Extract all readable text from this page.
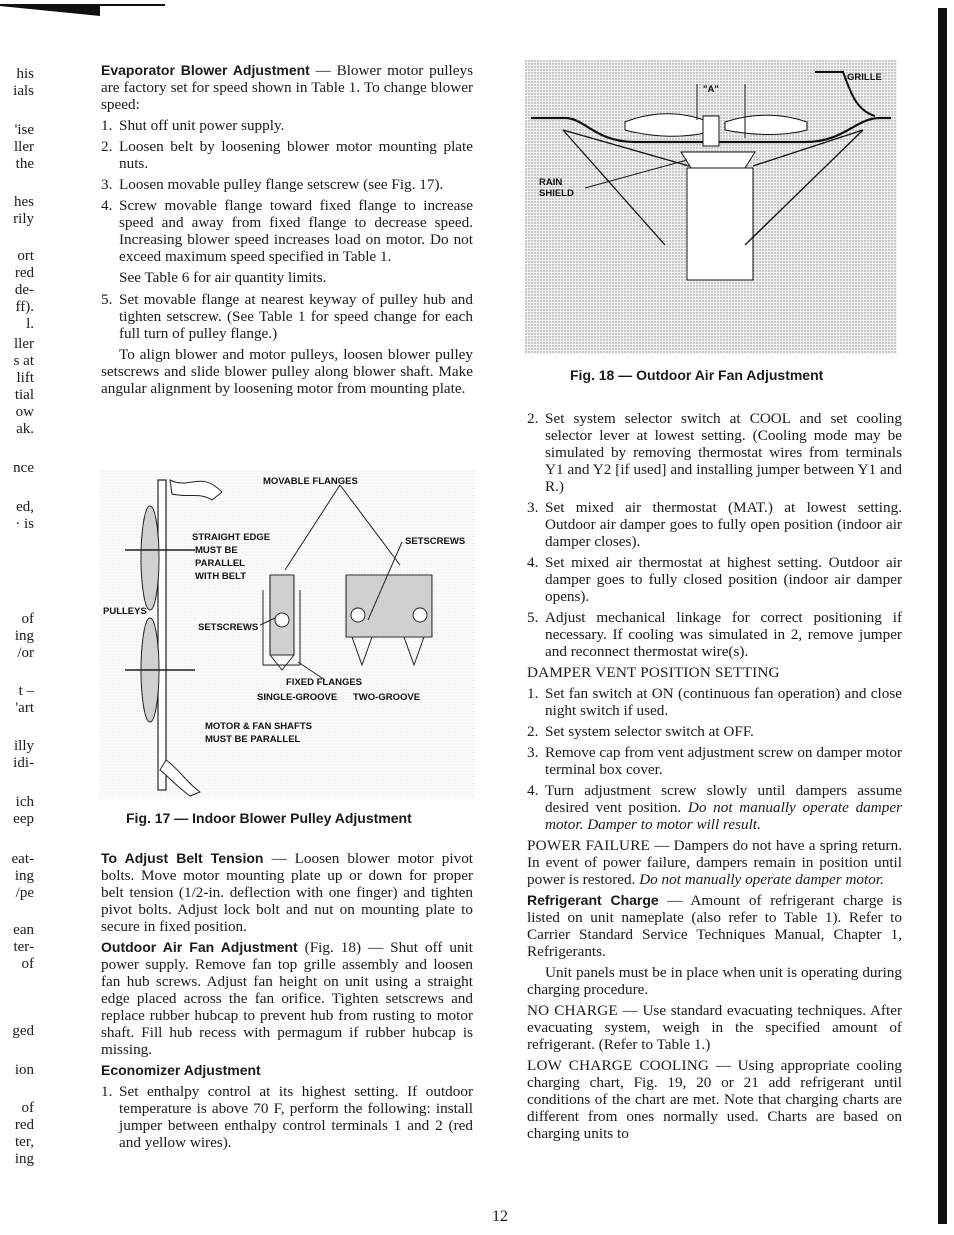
his
ials
'ise
ller
the
hes
rily
ort
red
de-
ff).
l.
ller
s at
lift
tial
ow
ak.
nce
ed,
· is
of
ing
/or
t –
'art
illy
idi-
ich
eep
eat-
ing
/pe
ean
ter-
of
ged
ion
of
red
ter,
ing

Evaporator Blower Adjustment — Blower motor pulleys are factory set for speed shown in Table 1. To change blower speed:

1. Shut off unit power supply.
2. Loosen belt by loosening blower motor mounting plate nuts.
3. Loosen movable pulley flange setscrew (see Fig. 17).
4. Screw movable flange toward fixed flange to increase speed and away from fixed flange to decrease speed. Increasing blower speed increases load on motor. Do not exceed maximum speed specified in Table 1.

See Table 6 for air quantity limits.

5. Set movable flange at nearest keyway of pulley hub and tighten setscrew. (See Table 1 for speed change for each full turn of pulley flange.)

To align blower and motor pulleys, loosen blower pulley setscrews and slide blower pulley along blower shaft. Make angular alignment by loosening motor from mounting plate.

MOVABLE FLANGES
STRAIGHT EDGE
MUST BE
PARALLEL
WITH BELT
SETSCREWS
PULLEYS
SETSCREWS
FIXED FLANGES
SINGLE-GROOVE TWO-GROOVE
MOTOR & FAN SHAFTS
MUST BE PARALLEL
Fig. 17 — Indoor Blower Pulley Adjustment

To Adjust Belt Tension — Loosen blower motor pivot bolts. Move motor mounting plate up or down for proper belt tension (1/2-in. deflection with one finger) and tighten pivot bolts. Adjust lock bolt and nut on mounting plate to secure in fixed position.

Outdoor Air Fan Adjustment (Fig. 18) — Shut off unit power supply. Remove fan top grille assembly and loosen fan hub screws. Adjust fan height on unit using a straight edge placed across the fan orifice. Tighten setscrews and replace rubber hubcap to prevent hub from rusting to motor shaft. Fill hub recess with permagum if rubber hubcap is missing.

Economizer Adjustment

1. Set enthalpy control at its highest setting. If outdoor temperature is above 70 F, perform the following: install jumper between enthalpy control terminals 1 and 2 (red and yellow wires).
GRILLE
"A"
RAIN
SHIELD
Fig. 18 — Outdoor Air Fan Adjustment
2. Set system selector switch at COOL and set cooling selector lever at lowest setting. (Cooling mode may be simulated by removing thermostat wires from terminals Y1 and Y2 [if used] and installing jumper between Y1 and R.)
3. Set mixed air thermostat (MAT.) at lowest setting. Outdoor air damper goes to fully open position (indoor air damper closes).
4. Set mixed air thermostat at highest setting. Outdoor air damper goes to fully closed position (indoor air damper opens).
5. Adjust mechanical linkage for correct positioning if necessary. If cooling was simulated in 2, remove jumper and reconnect thermostat wire(s).

DAMPER VENT POSITION SETTING

1. Set fan switch at ON (continuous fan operation) and close night switch if used.
2. Set system selector switch at OFF.
3. Remove cap from vent adjustment screw on damper motor terminal box cover.
4. Turn adjustment screw slowly until dampers assume desired vent position. Do not manually operate damper motor. Damper to motor will result.

POWER FAILURE — Dampers do not have a spring return. In event of power failure, dampers remain in position until power is restored. Do not manually operate damper motor.

Refrigerant Charge — Amount of refrigerant charge is listed on unit nameplate (also refer to Table 1). Refer to Carrier Standard Service Techniques Manual, Chapter 1, Refrigerants.

Unit panels must be in place when unit is operating during charging procedure.

NO CHARGE — Use standard evacuating techniques. After evacuating system, weigh in the specified amount of refrigerant. (Refer to Table 1.)

LOW CHARGE COOLING — Using appropriate cooling charging chart, Fig. 19, 20 or 21 add refrigerant until conditions of the chart are met. Note that charging charts are different from ones normally used. Charts are based on charging units to

12
